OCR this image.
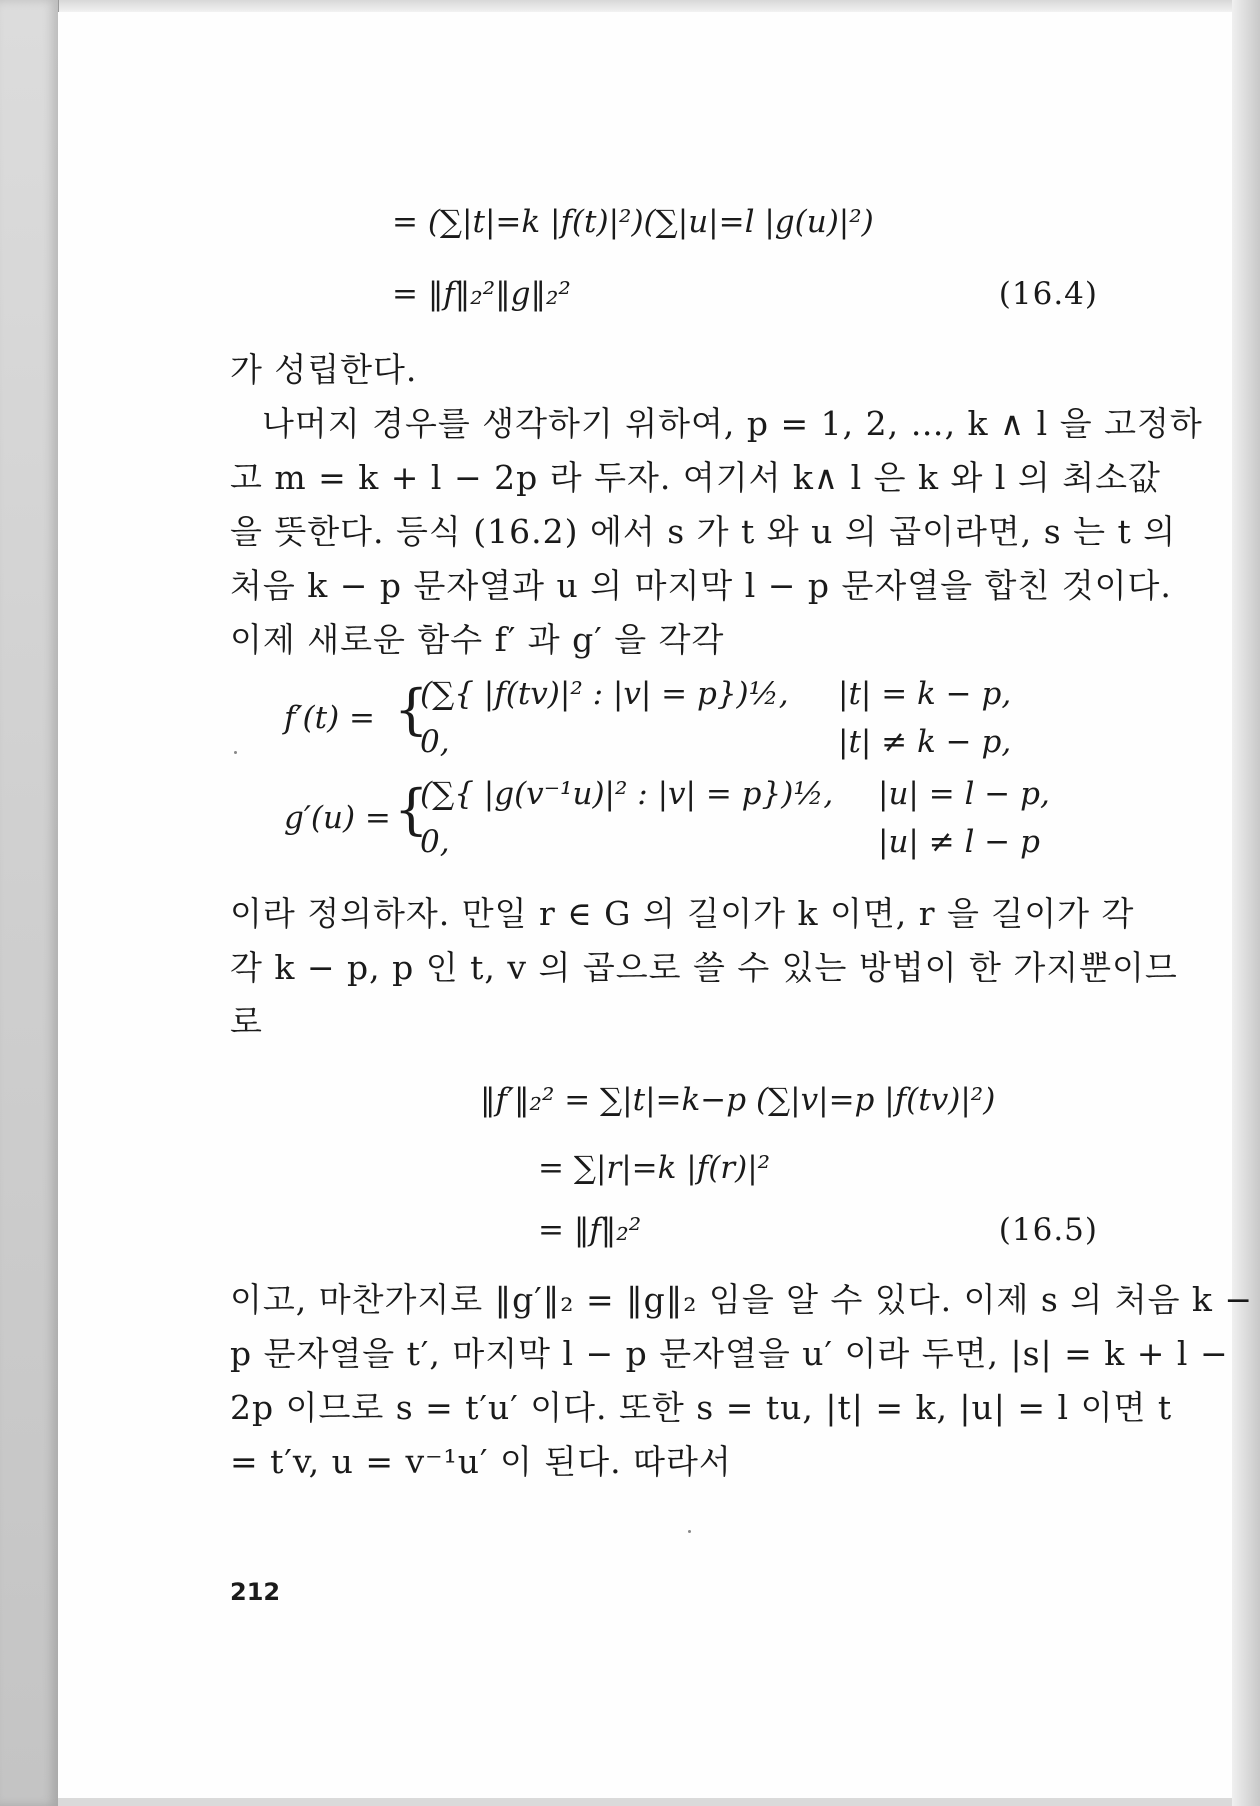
= (∑|t|=k |f(t)|²)(∑|u|=l |g(u)|²)
= ‖f‖₂²‖g‖₂²	(16.4)
가 성립한다.
나머지 경우를 생각하기 위하여, p = 1, 2, …, k ∧ l 을 고정하
고 m = k + l − 2p 라 두자. 여기서 k∧ l 은 k 와 l 의 최소값
을 뜻한다. 등식 (16.2) 에서 s 가 t 와 u 의 곱이라면, s 는 t 의
처음 k − p 문자열과 u 의 마지막 l − p 문자열을 합친 것이다.
이제 새로운 함수 f′ 과 g′ 을 각각
f′(t) = {
(∑{ |f(tv)|² : |v| = p})½, |t| = k − p,
0,	|t| ≠ k − p,
g′(u) = {
(∑{ |g(v⁻¹u)|² : |v| = p})½, |u| = l − p,
0,	|u| ≠ l − p
이라 정의하자. 만일 r ∈ G 의 길이가 k 이면, r 을 길이가 각
각 k − p, p 인 t, v 의 곱으로 쓸 수 있는 방법이 한 가지뿐이므
로
‖f′‖₂² = ∑|t|=k−p (∑|v|=p |f(tv)|²)
= ∑|r|=k |f(r)|²
= ‖f‖₂²	(16.5)
이고, 마찬가지로 ‖g′‖₂ = ‖g‖₂ 임을 알 수 있다. 이제 s 의 처음 k −
p 문자열을 t′, 마지막 l − p 문자열을 u′ 이라 두면, |s| = k + l −
2p 이므로 s = t′u′ 이다. 또한 s = tu, |t| = k, |u| = l 이면 t
= t′v, u = v⁻¹u′ 이 된다. 따라서
212
